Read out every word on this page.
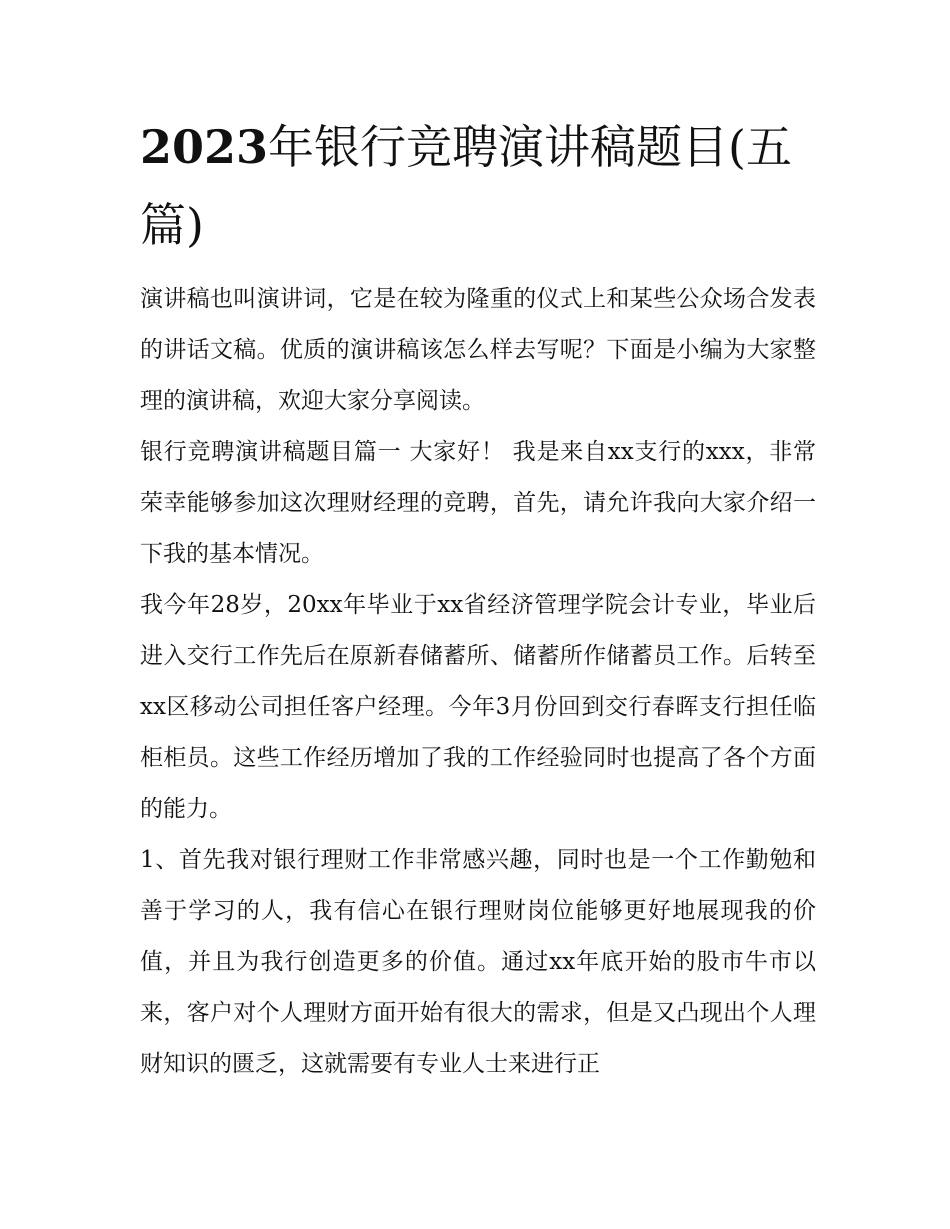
2023年银行竞聘演讲稿题目(五篇)

演讲稿也叫演讲词，它是在较为隆重的仪式上和某些公众场合发表的讲话文稿。优质的演讲稿该怎么样去写呢？下面是小编为大家整理的演讲稿，欢迎大家分享阅读。

银行竞聘演讲稿题目篇一 大家好！ 我是来自xx支行的xxx，非常荣幸能够参加这次理财经理的竞聘，首先，请允许我向大家介绍一下我的基本情况。

我今年28岁，20xx年毕业于xx省经济管理学院会计专业，毕业后进入交行工作先后在原新春储蓄所、储蓄所作储蓄员工作。后转至xx区移动公司担任客户经理。今年3月份回到交行春晖支行担任临柜柜员。这些工作经历增加了我的工作经验同时也提高了各个方面的能力。

1、首先我对银行理财工作非常感兴趣，同时也是一个工作勤勉和善于学习的人，我有信心在银行理财岗位能够更好地展现我的价值，并且为我行创造更多的价值。通过xx年底开始的股市牛市以来，客户对个人理财方面开始有很大的需求，但是又凸现出个人理财知识的匮乏，这就需要有专业人士来进行正
